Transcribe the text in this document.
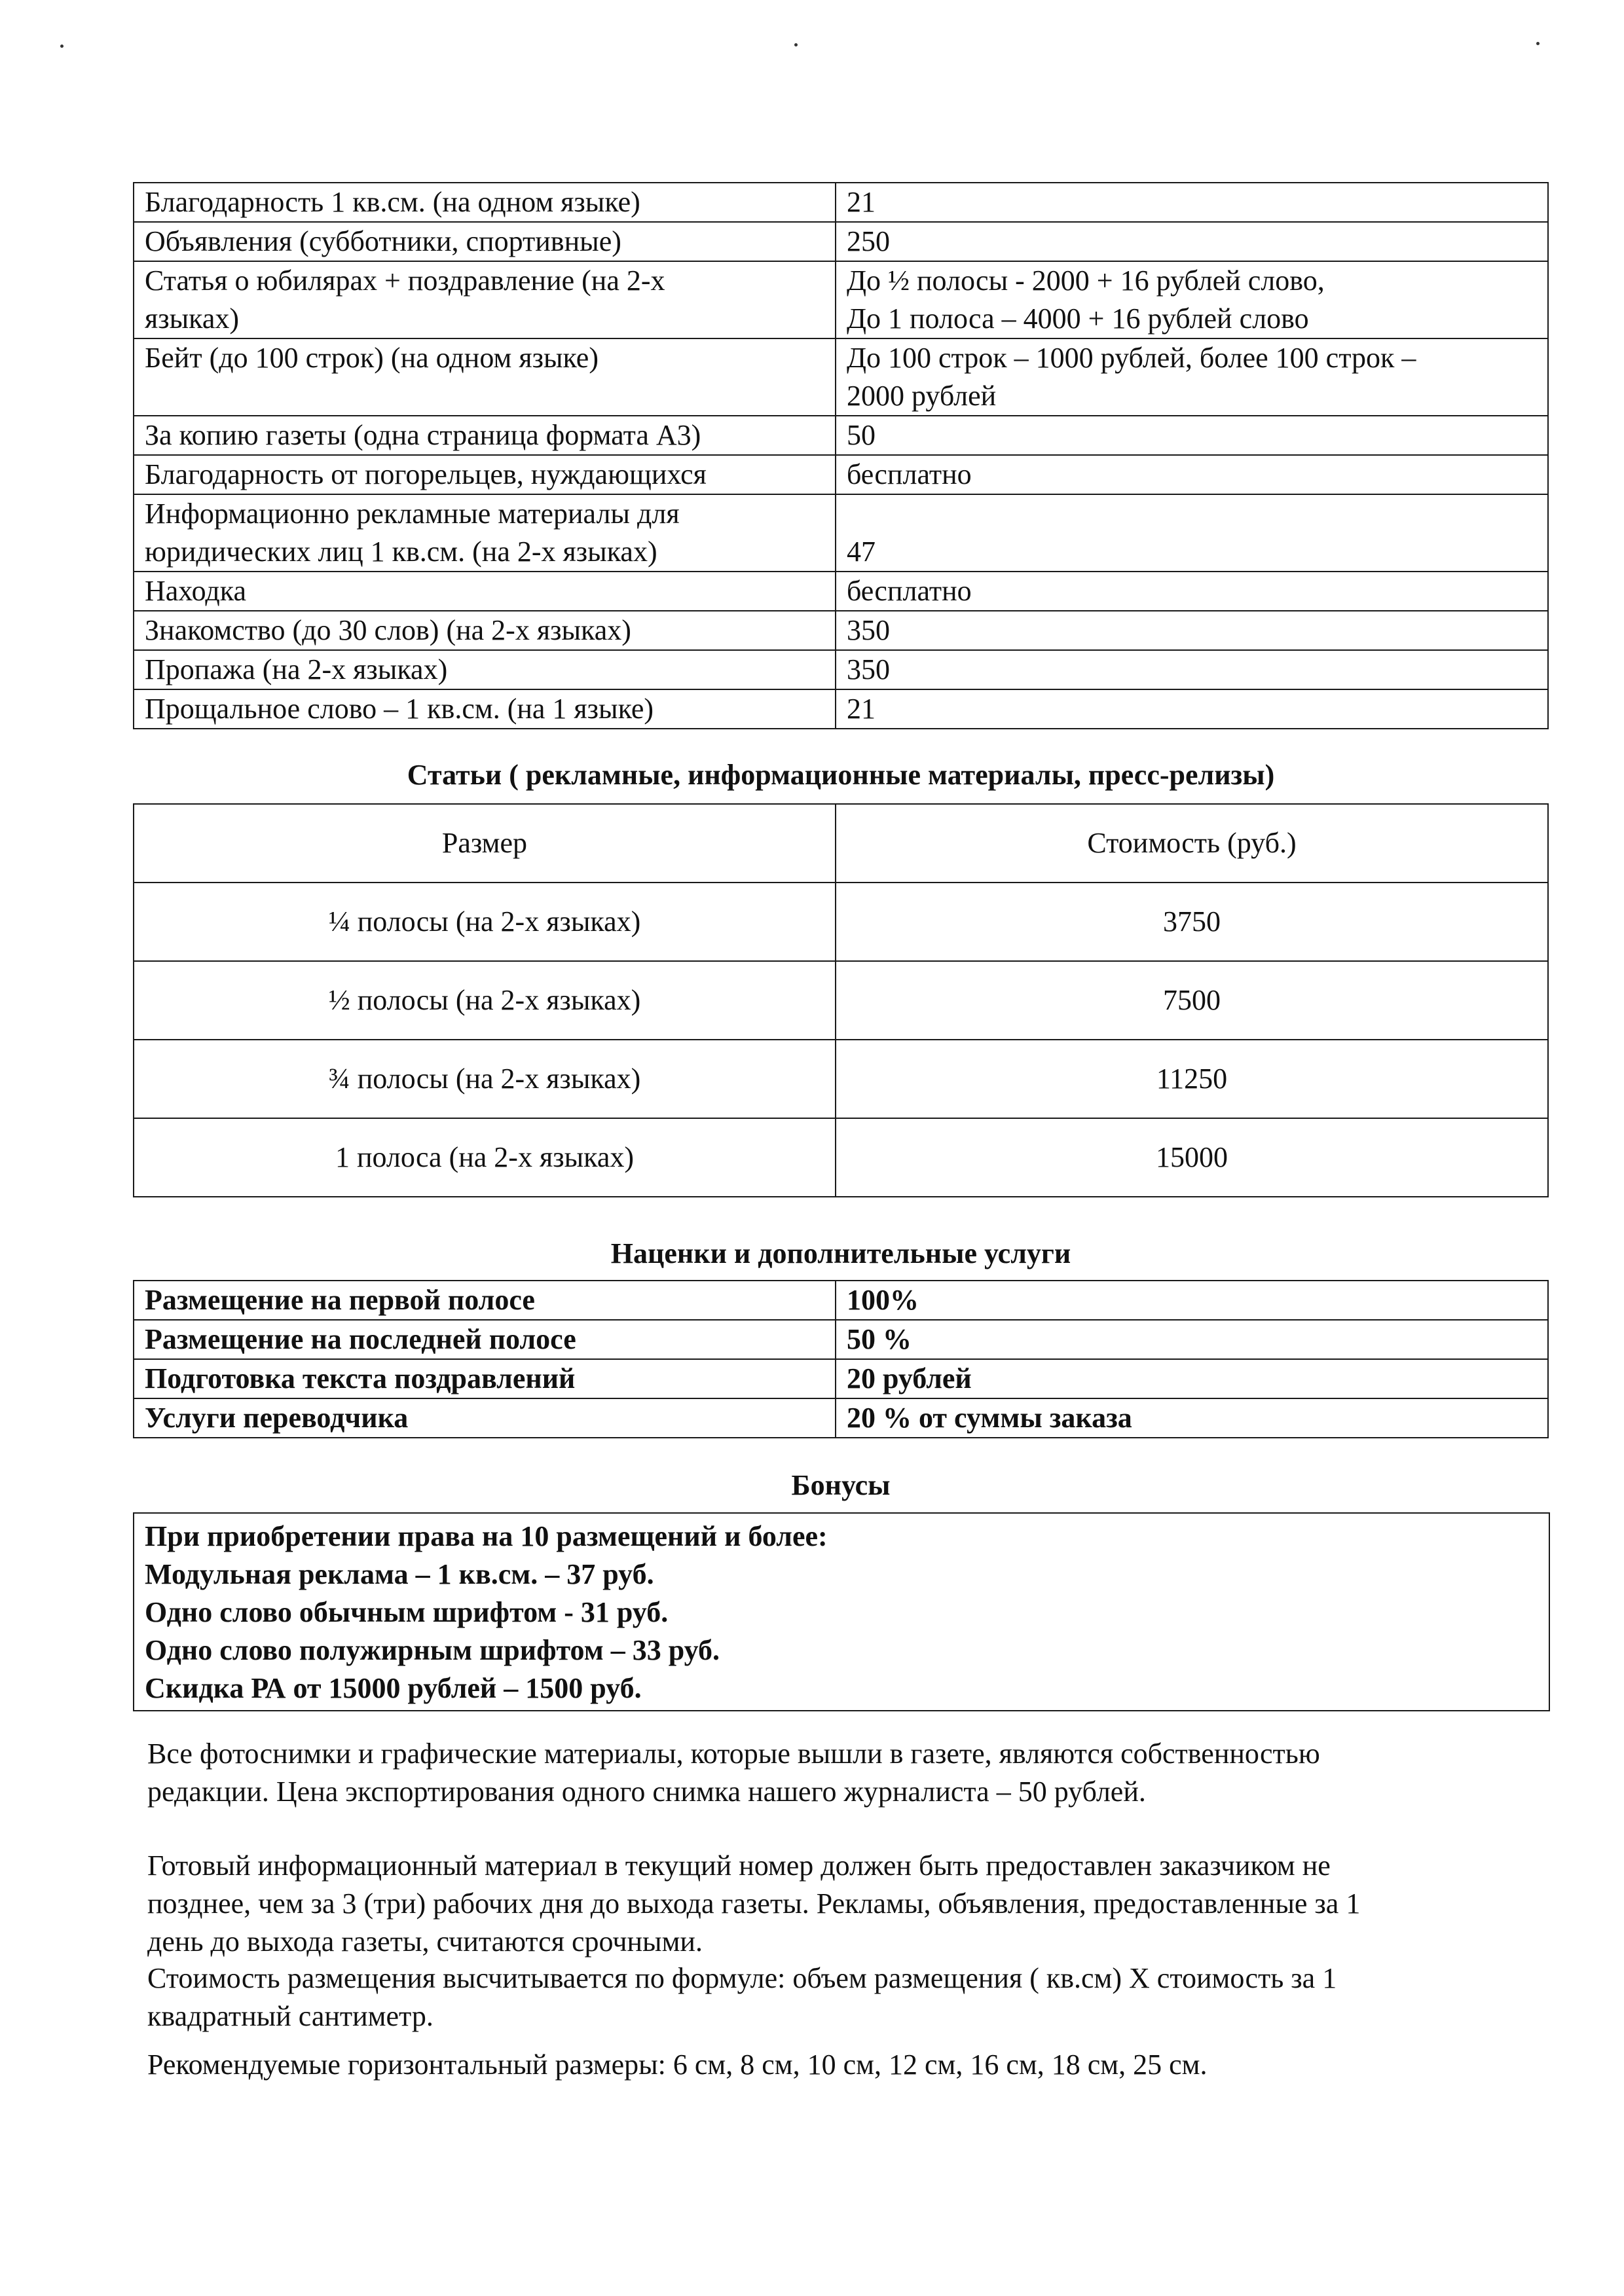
Благодарность 1 кв.см. (на одном языке)	21

Объявления (субботники, спортивные)	250

Статья о юбилярах + поздравление (на 2-х
языках)	До ½ полосы - 2000 + 16 рублей слово,
До 1 полоса – 4000 + 16 рублей слово

Бейт (до 100 строк) (на одном языке)	До 100 строк – 1000 рублей, более 100 строк –
2000 рублей

За копию газеты (одна страница формата А3)	50

Благодарность от погорельцев, нуждающихся	бесплатно

Информационно рекламные материалы для
юридических лиц 1 кв.см. (на 2-х языках)	47

Находка	бесплатно

Знакомство (до 30 слов) (на 2-х языках)	350

Пропажа (на 2-х языках)	350

Прощальное слово – 1 кв.см. (на 1 языке)	21
Статьи ( рекламные, информационные материалы, пресс-релизы)
Размер	Стоимость (руб.)
¼ полосы (на 2-х языках)	3750
½ полосы (на 2-х языках)	7500
¾ полосы (на 2-х языках)	11250
1 полоса (на 2-х языках)	15000
Наценки и дополнительные услуги
Размещение на первой полосе	100%
Размещение на последней полосе	50 %
Подготовка текста поздравлений	20 рублей
Услуги переводчика	20 % от суммы заказа
Бонусы
При приобретении права на 10 размещений и более:
Модульная реклама – 1 кв.см. – 37 руб.
Одно слово обычным шрифтом - 31 руб.
Одно слово полужирным шрифтом – 33 руб.
Скидка РА от 15000 рублей – 1500 руб.
Все фотоснимки и графические материалы, которые вышли в газете, являются собственностью
редакции. Цена экспортирования одного снимка нашего журналиста – 50 рублей.
Готовый информационный материал в текущий номер должен быть предоставлен заказчиком не
позднее, чем за 3 (три) рабочих дня до выхода газеты. Рекламы, объявления, предоставленные за 1
день до выхода газеты, считаются срочными.
Стоимость размещения высчитывается по формуле: объем размещения ( кв.см) Х стоимость за 1
квадратный сантиметр.
Рекомендуемые горизонтальный размеры: 6 см, 8 см, 10 см, 12 см, 16 см, 18 см, 25 см.
